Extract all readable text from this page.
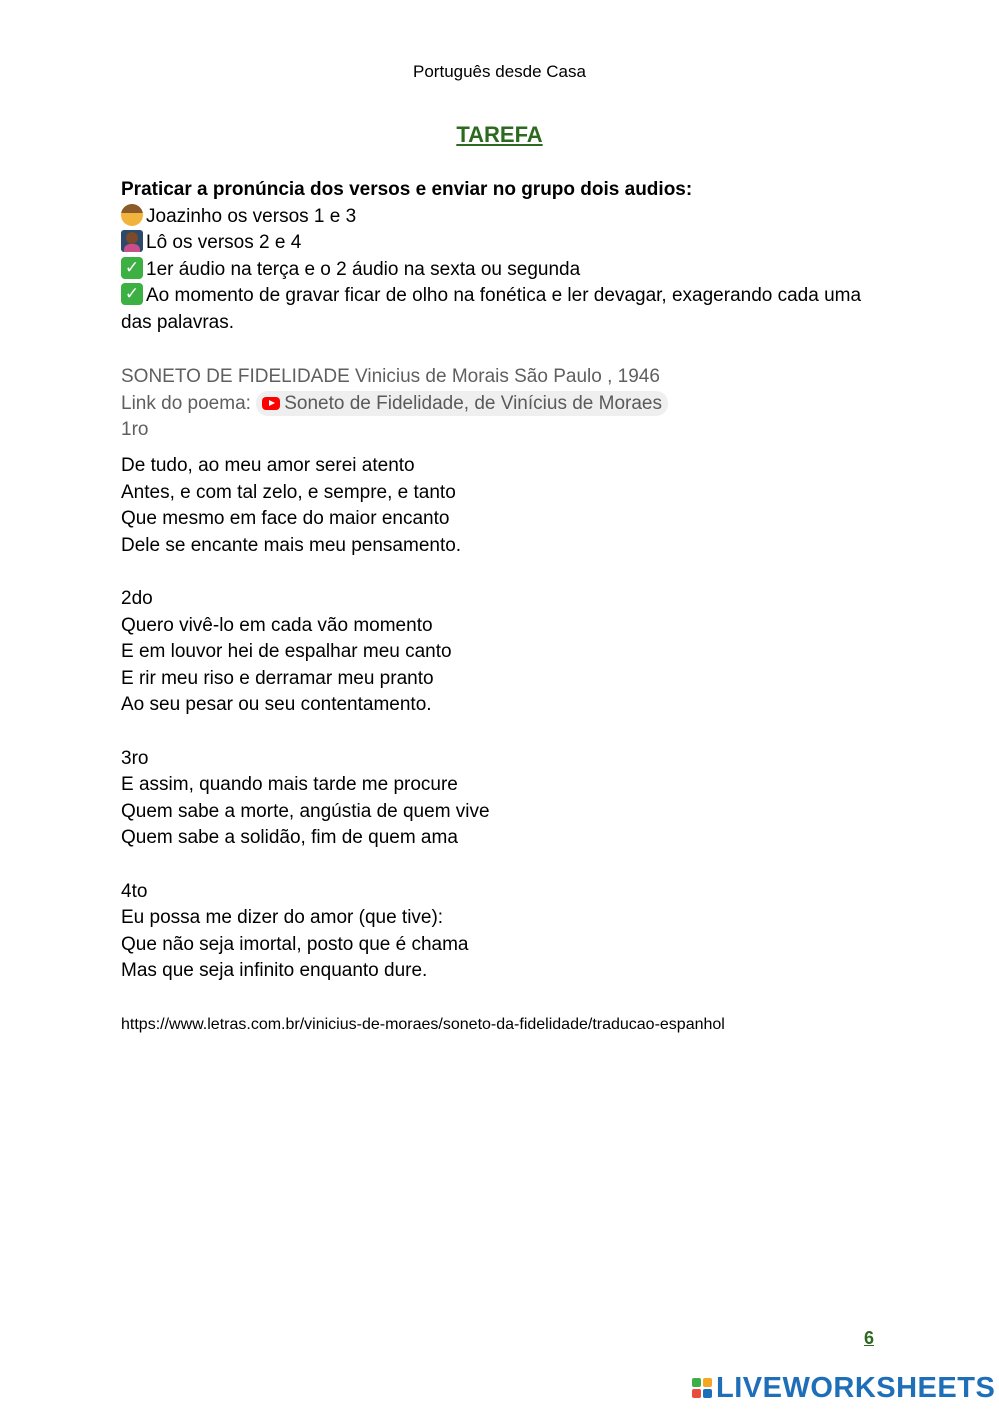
Português desde Casa
TAREFA
Praticar a pronúncia dos versos e enviar no grupo dois audios:
Joazinho os versos 1 e 3
Lô os versos 2 e 4
✓ 1er áudio na terça e o 2 áudio na sexta ou segunda
✓ Ao momento de gravar ficar de olho na fonética e ler devagar, exagerando cada uma das palavras.
SONETO DE FIDELIDADE Vinicius de Morais São Paulo , 1946
Link do poema: Soneto de Fidelidade, de Vinícius de Moraes
1ro
De tudo, ao meu amor serei atento
Antes, e com tal zelo, e sempre, e tanto
Que mesmo em face do maior encanto
Dele se encante mais meu pensamento.
2do
Quero vivê-lo em cada vão momento
E em louvor hei de espalhar meu canto
E rir meu riso e derramar meu pranto
Ao seu pesar ou seu contentamento.
3ro
E assim, quando mais tarde me procure
Quem sabe a morte, angústia de quem vive
Quem sabe a solidão, fim de quem ama
4to
Eu possa me dizer do amor (que tive):
Que não seja imortal, posto que é chama
Mas que seja infinito enquanto dure.
https://www.letras.com.br/vinicius-de-moraes/soneto-da-fidelidade/traducao-espanhol
6
LIVEWORKSHEETS
